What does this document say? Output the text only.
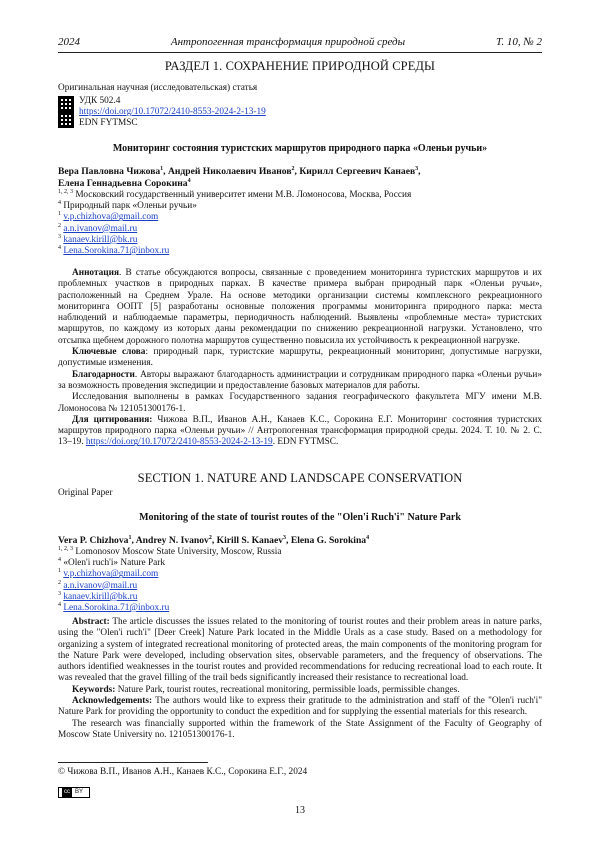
2024	Антропогенная трансформация природной среды	Т. 10, № 2
РАЗДЕЛ 1. СОХРАНЕНИЕ ПРИРОДНОЙ СРЕДЫ
Оригинальная научная (исследовательская) статья
УДК 502.4
https://doi.org/10.17072/2410-8553-2024-2-13-19
EDN FYTMSC
Мониторинг состояния туристских маршрутов природного парка «Оленьи ручьи»
Вера Павловна Чижова$^1$, Андрей Николаевич Иванов$^2$, Кирилл Сергеевич Канаев$^3$,
Елена Геннадьевна Сорокина$^4$
$^{1, 2, 3}$ Московский государственный университет имени М.В. Ломоносова, Москва, Россия
$^4$ Природный парк «Оленьи ручьи»
$^1$ v.p.chizhova@gmail.com
$^2$ a.n.ivanov@mail.ru
$^3$ kanaev.kirill@bk.ru
$^4$ Lena.Sorokina.71@inbox.ru
Аннотация. В статье обсуждаются вопросы, связанные с проведением мониторинга туристских маршрутов и их проблемных участков в природных парках. В качестве примера выбран природный парк «Оленьи ручьи», расположенный на Среднем Урале. На основе методики организации системы комплексного рекреационного мониторинга ООПТ [5] разработаны основные положения программы мониторинга природного парка: места наблюдений и наблюдаемые параметры, периодичность наблюдений. Выявлены «проблемные места» туристских маршрутов, по каждому из которых даны рекомендации по снижению рекреационной нагрузки. Установлено, что отсыпка щебнем дорожного полотна маршрутов существенно повысила их устойчивость к рекреационной нагрузке.
Ключевые слова: природный парк, туристские маршруты, рекреационный мониторинг, допустимые нагрузки, допустимые изменения.
Благодарности. Авторы выражают благодарность администрации и сотрудникам природного парка «Оленьи ручьи» за возможность проведения экспедиции и предоставление базовых материалов для работы.
Исследования выполнены в рамках Государственного задания географического факультета МГУ имени М.В. Ломоносова № 121051300176-1.
Для цитирования: Чижова В.П., Иванов А.Н., Канаев К.С., Сорокина Е.Г. Мониторинг состояния туристских маршрутов природного парка «Оленьи ручьи» // Антропогенная трансформация природной среды. 2024. Т. 10. № 2. С. 13–19. https://doi.org/10.17072/2410-8553-2024-2-13-19. EDN FYTMSC.
SECTION 1. NATURE AND LANDSCAPE CONSERVATION
Original Paper
Monitoring of the state of tourist routes of the "Olen'i Ruch'i" Nature Park
Vera P. Chizhova$^1$, Andrey N. Ivanov$^2$, Kirill S. Kanaev$^3$, Elena G. Sorokina$^4$
$^{1, 2, 3}$ Lomonosov Moscow State University, Moscow, Russia
$^4$ «Olen'i ruch'i» Nature Park
$^1$ v.p.chizhova@gmail.com
$^2$ a.n.ivanov@mail.ru
$^3$ kanaev.kirill@bk.ru
$^4$ Lena.Sorokina.71@inbox.ru
Abstract: The article discusses the issues related to the monitoring of tourist routes and their problem areas in nature parks, using the "Olen'i ruch'i" [Deer Creek] Nature Park located in the Middle Urals as a case study. Based on a methodology for organizing a system of integrated recreational monitoring of protected areas, the main components of the monitoring program for the Nature Park were developed, including observation sites, observable parameters, and the frequency of observations. The authors identified weaknesses in the tourist routes and provided recommendations for reducing recreational load to each route. It was revealed that the gravel filling of the trail beds significantly increased their resistance to recreational load.
Keywords: Nature Park, tourist routes, recreational monitoring, permissible loads, permissible changes.
Acknowledgements: The authors would like to express their gratitude to the administration and staff of the "Olen'i ruch'i" Nature Park for providing the opportunity to conduct the expedition and for supplying the essential materials for this research.
The research was financially supported within the framework of the State Assignment of the Faculty of Geography of Moscow State University no. 121051300176-1.
© Чижова В.П., Иванов А.Н., Канаев К.С., Сорокина Е.Г., 2024
cc BY
13
